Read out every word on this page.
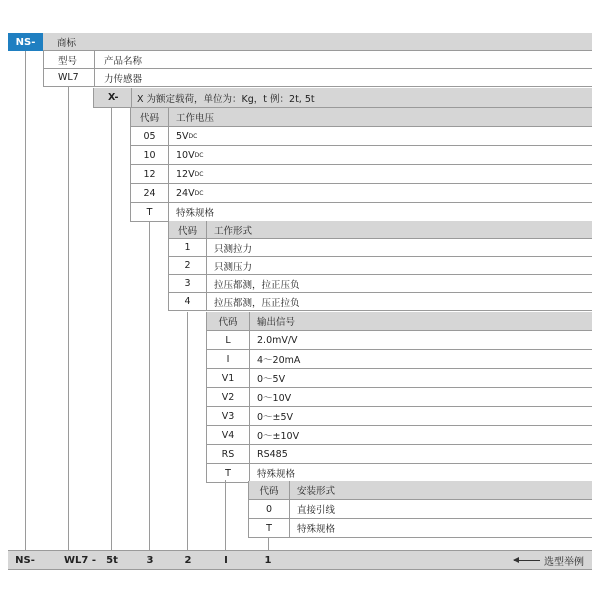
NS-	商标
型号	产品名称
WL7	力传感器
X- X 为额定载荷，单位为：Kg，t 例：2t, 5t
代码	工作电压
05	5V DC
10	10V DC
12	12V DC
24	24V DC
T	特殊规格
代码	工作形式
1	只测拉力
2	只测压力
3	拉压都测，拉正压负
4	拉压都测，压正拉负
代码	输出信号
L	2.0mV/V
I	4～20mA
V1	0～5V
V2	0～10V
V3	0～±5V
V4	0～±10V
RS	RS485
T	特殊规格
代码	安装形式
0	直接引线
T	特殊规格
NS-	WL7 - 5t	3	2	I	1	选型举例
